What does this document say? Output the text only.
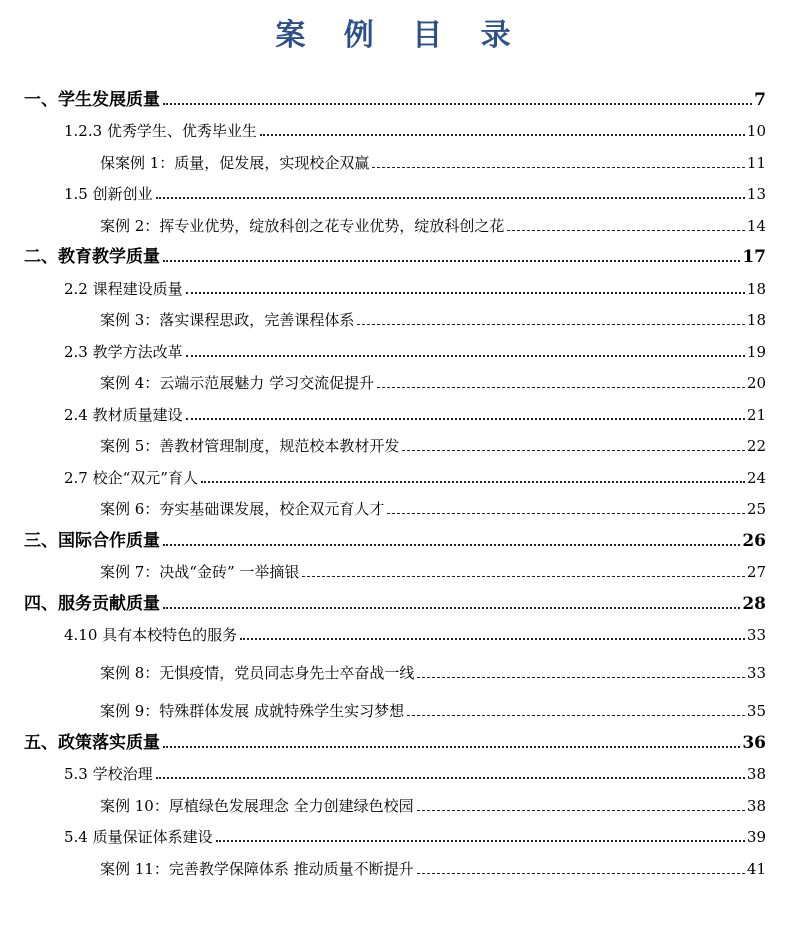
案 例 目 录
一、学生发展质量	7
1.2.3 优秀学生、优秀毕业生	10
保案例 1：质量，促发展，实现校企双赢	11
1.5 创新创业	13
案例 2：挥专业优势，绽放科创之花专业优势，绽放科创之花	14
二、教育教学质量	17
2.2 课程建设质量	18
案例 3：落实课程思政，完善课程体系	18
2.3 教学方法改革	19
案例 4：云端示范展魅力 学习交流促提升	20
2.4 教材质量建设	21
案例 5：善教材管理制度，规范校本教材开发	22
2.7 校企“双元”育人	24
案例 6：夯实基础课发展，校企双元育人才	25
三、国际合作质量	26
案例 7：决战“金砖” 一举摘银	27
四、服务贡献质量	28
4.10 具有本校特色的服务	33
案例 8：无惧疫情，党员同志身先士卒奋战一线	33
案例 9：特殊群体发展 成就特殊学生实习梦想	35
五、政策落实质量	36
5.3 学校治理	38
案例 10：厚植绿色发展理念 全力创建绿色校园	38
5.4 质量保证体系建设	39
案例 11：完善教学保障体系 推动质量不断提升	41
